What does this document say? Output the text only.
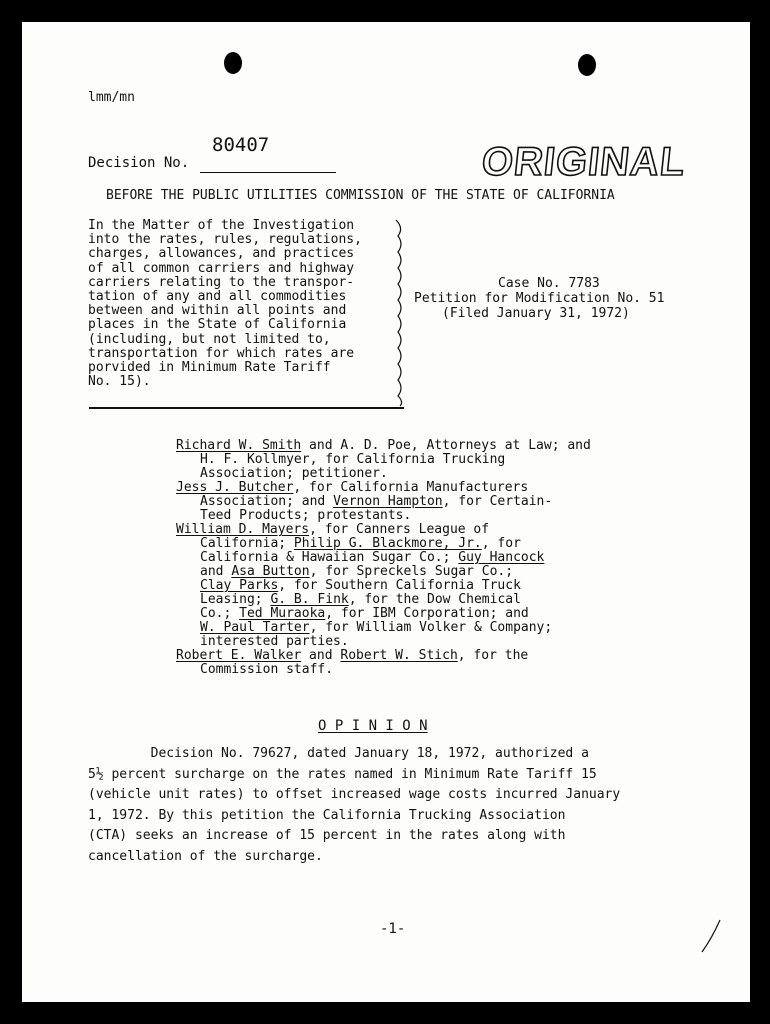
lmm/mn
80407
Decision No.	ORIGINAL
BEFORE THE PUBLIC UTILITIES COMMISSION OF THE STATE OF CALIFORNIA
In the Matter of the Investigation
into the rates, rules, regulations,
charges, allowances, and practices
of all common carriers and highway
carriers relating to the transpor-
tation of any and all commodities
between and within all points and
places in the State of California
(including, but not limited to,
transportation for which rates are
porvided in Minimum Rate Tariff
No. 15).
Case No. 7783
Petition for Modification No. 51
(Filed January 31, 1972)
Richard W. Smith and A. D. Poe, Attorneys at Law; and
H. F. Kollmyer, for California Trucking
Association; petitioner.
Jess J. Butcher, for California Manufacturers
Association; and Vernon Hampton, for Certain-
Teed Products; protestants.
William D. Mayers, for Canners League of
California; Philip G. Blackmore, Jr., for
California & Hawaiian Sugar Co.; Guy Hancock
and Asa Button, for Spreckels Sugar Co.;
Clay Parks, for Southern California Truck
Leasing; G. B. Fink, for the Dow Chemical
Co.; Ted Muraoka, for IBM Corporation; and
W. Paul Tarter, for William Volker & Company;
interested parties.
Robert E. Walker and Robert W. Stich, for the
Commission staff.
O P I N I O N
Decision No. 79627, dated January 18, 1972, authorized a
5½ percent surcharge on the rates named in Minimum Rate Tariff 15
(vehicle unit rates) to offset increased wage costs incurred January
1, 1972. By this petition the California Trucking Association
(CTA) seeks an increase of 15 percent in the rates along with
cancellation of the surcharge.
-1-
